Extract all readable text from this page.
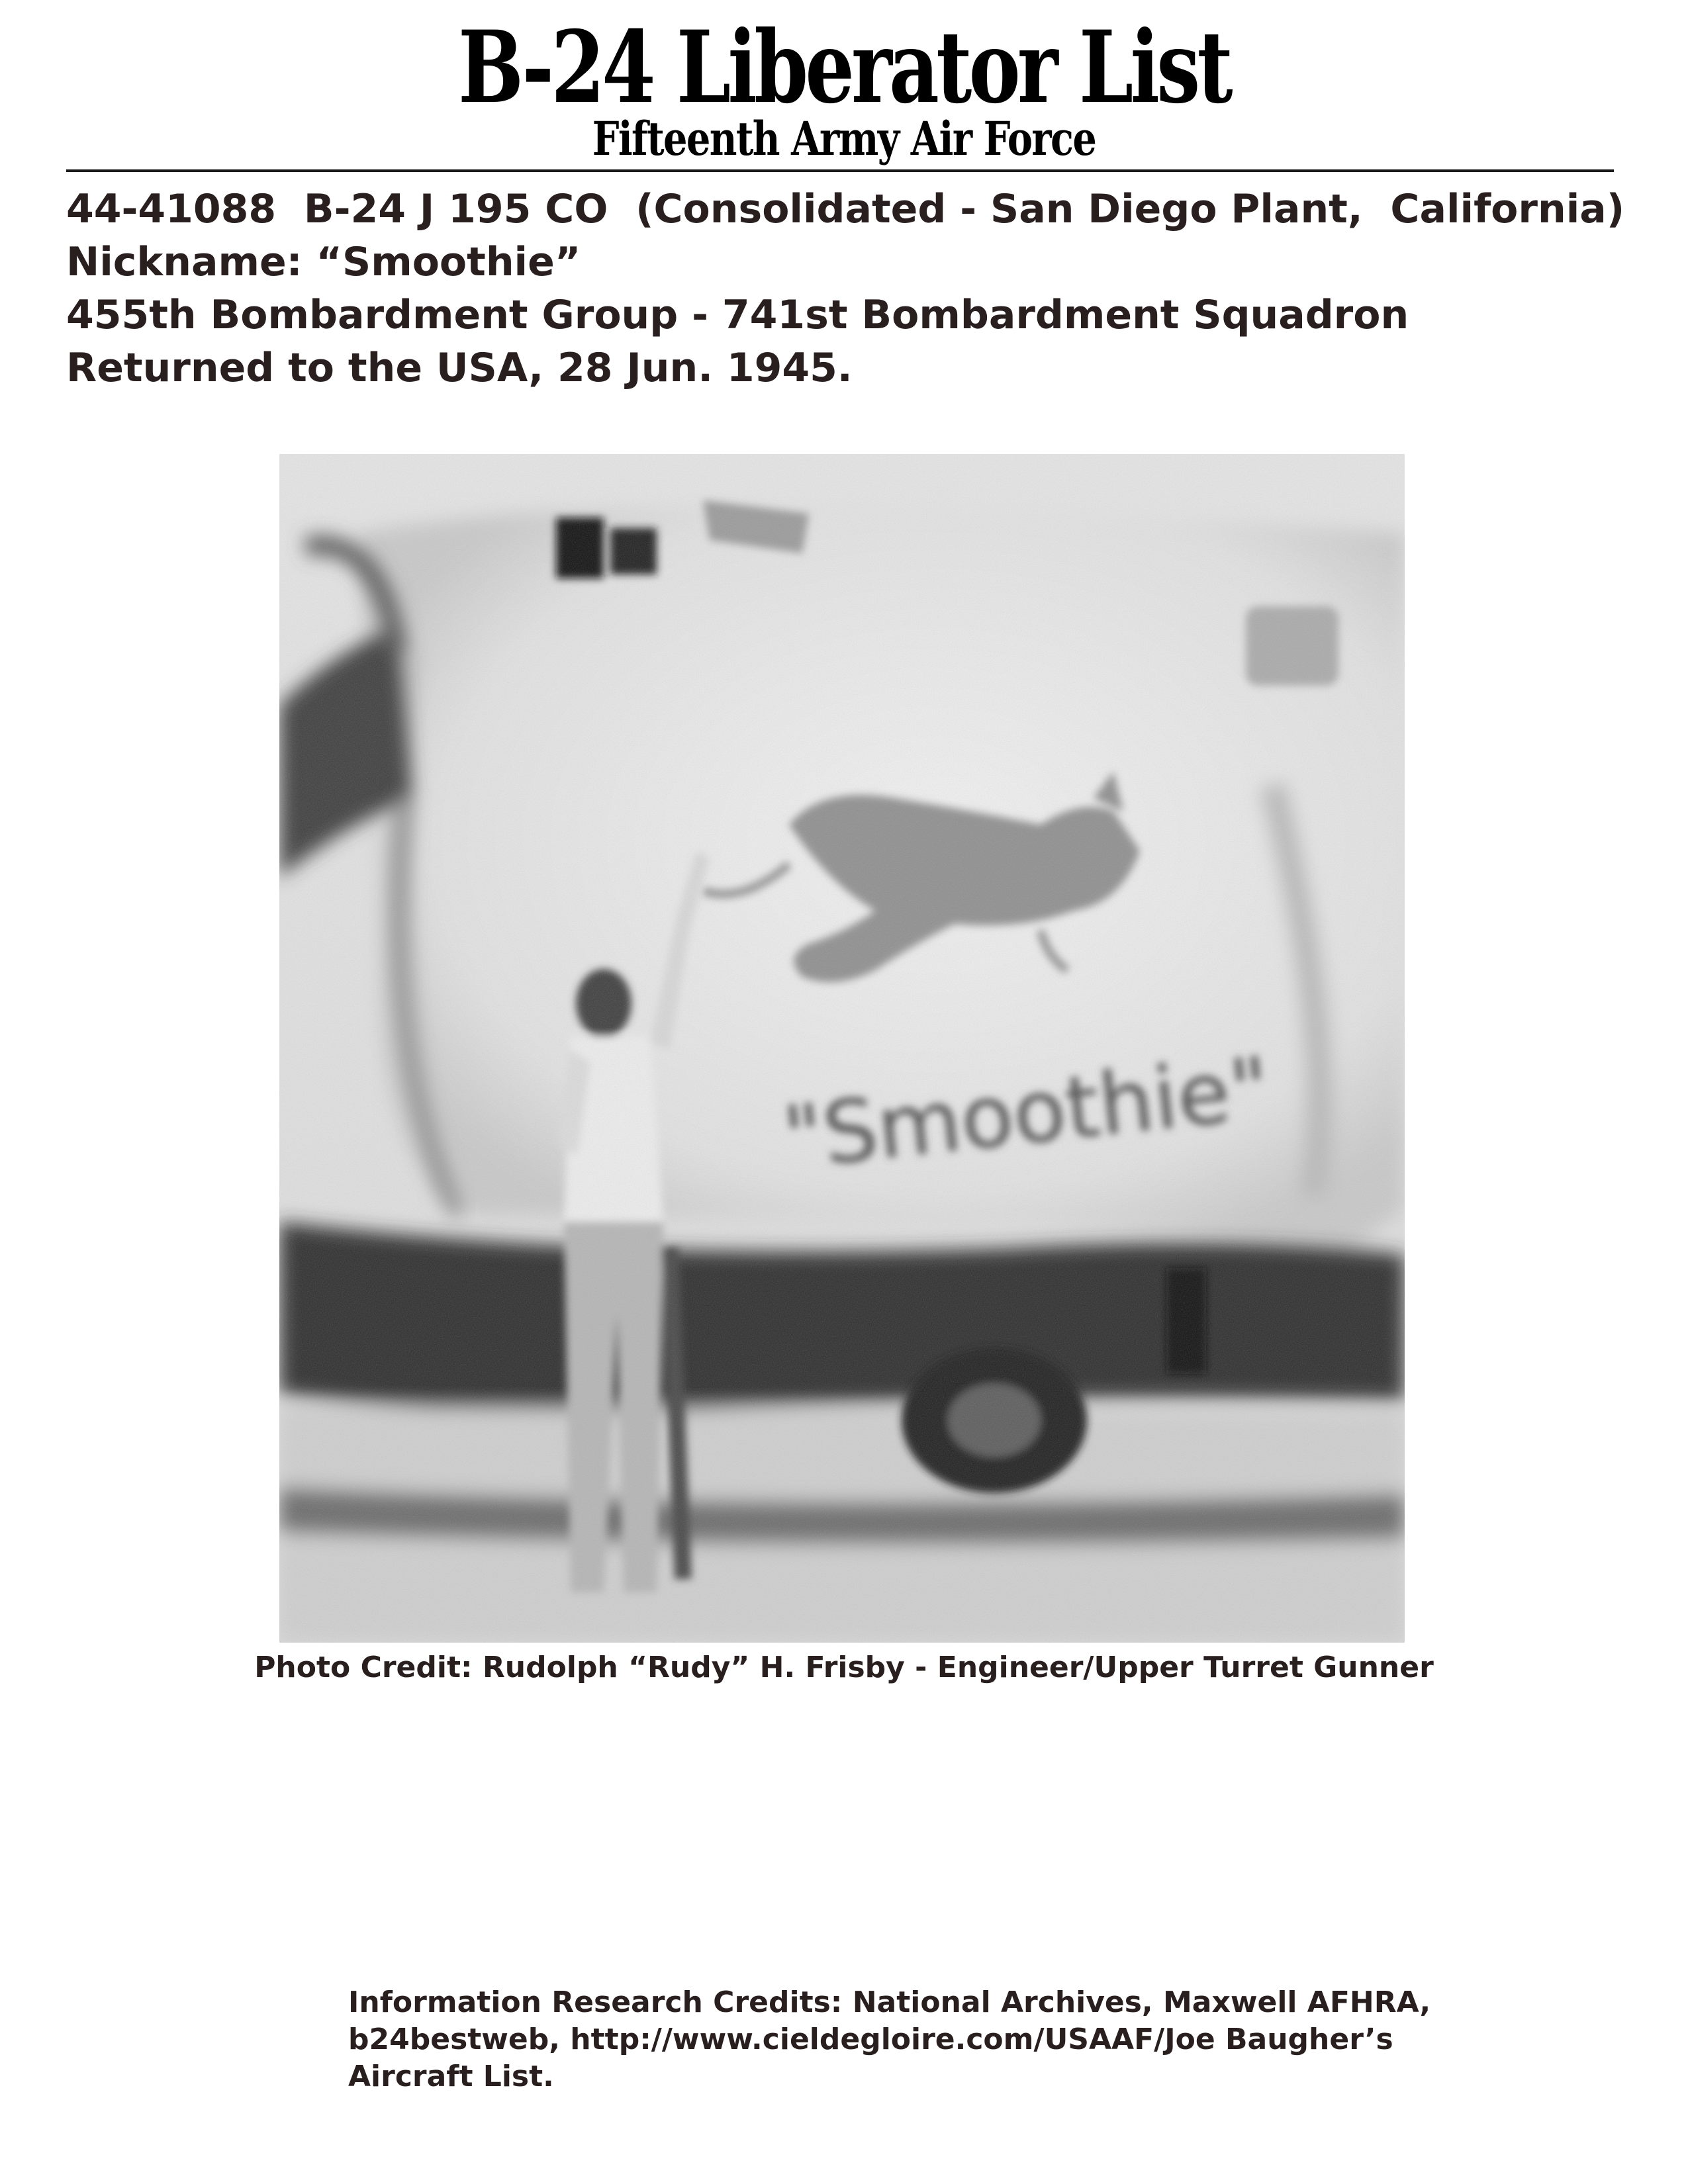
B-24 Liberator List
Fifteenth Army Air Force
44-41088  B-24 J 195 CO  (Consolidated - San Diego Plant,  California)
Nickname: “Smoothie”
455th Bombardment Group - 741st Bombardment Squadron
Returned to the USA, 28 Jun. 1945.
Photo Credit: Rudolph “Rudy” H. Frisby - Engineer/Upper Turret Gunner
Information Research Credits: National Archives, Maxwell AFHRA,
b24bestweb, http://www.cieldegloire.com/USAAF/Joe Baugher’s
Aircraft List.
